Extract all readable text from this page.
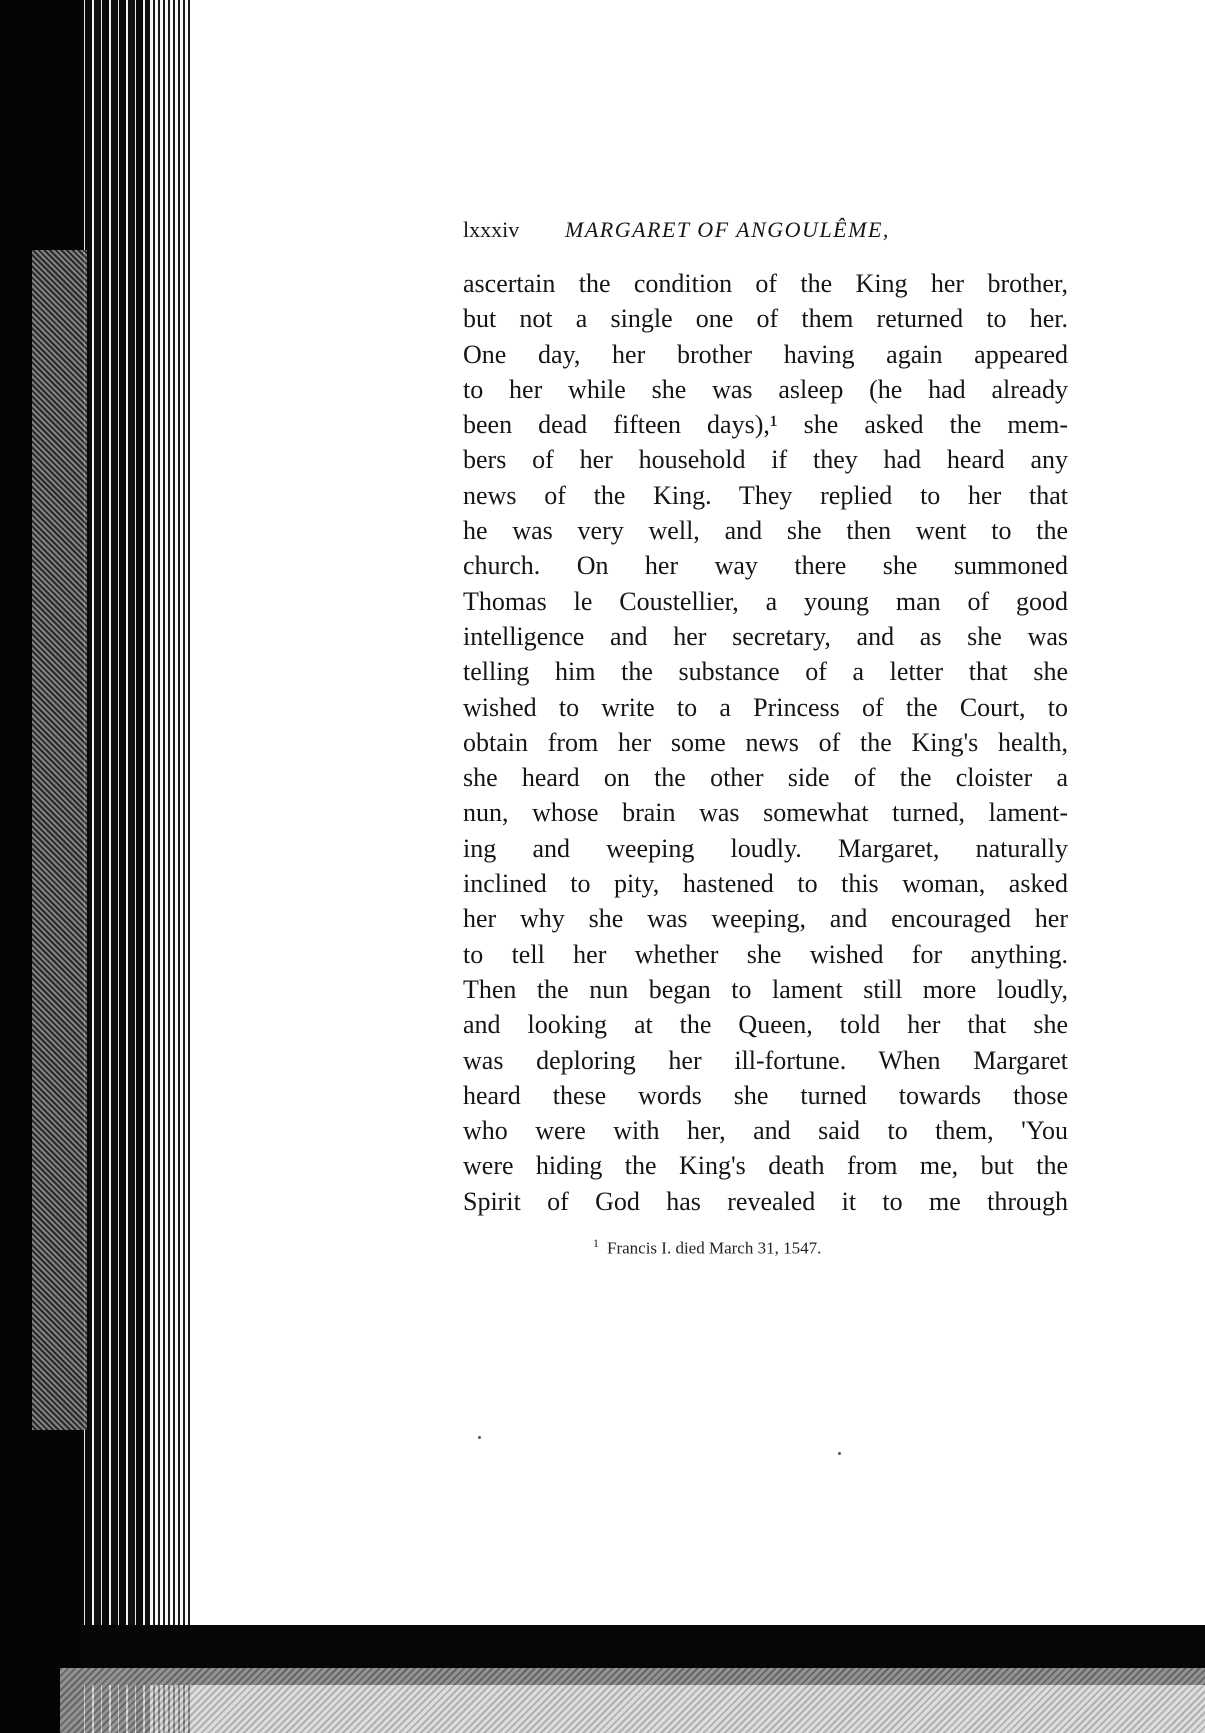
lxxxiv MARGARET OF ANGOULÊME,
ascertain the condition of the King her brother,
but not a single one of them returned to her.
One day, her brother having again appeared
to her while she was asleep (he had already
been dead fifteen days),¹ she asked the mem-
bers of her household if they had heard any
news of the King. They replied to her that
he was very well, and she then went to the
church. On her way there she summoned
Thomas le Coustellier, a young man of good
intelligence and her secretary, and as she was
telling him the substance of a letter that she
wished to write to a Princess of the Court, to
obtain from her some news of the King's health,
she heard on the other side of the cloister a
nun, whose brain was somewhat turned, lament-
ing and weeping loudly. Margaret, naturally
inclined to pity, hastened to this woman, asked
her why she was weeping, and encouraged her
to tell her whether she wished for anything.
Then the nun began to lament still more loudly,
and looking at the Queen, told her that she
was deploring her ill-fortune. When Margaret
heard these words she turned towards those
who were with her, and said to them, 'You
were hiding the King's death from me, but the
Spirit of God has revealed it to me through
$^1$ Francis I. died March 31, 1547.
